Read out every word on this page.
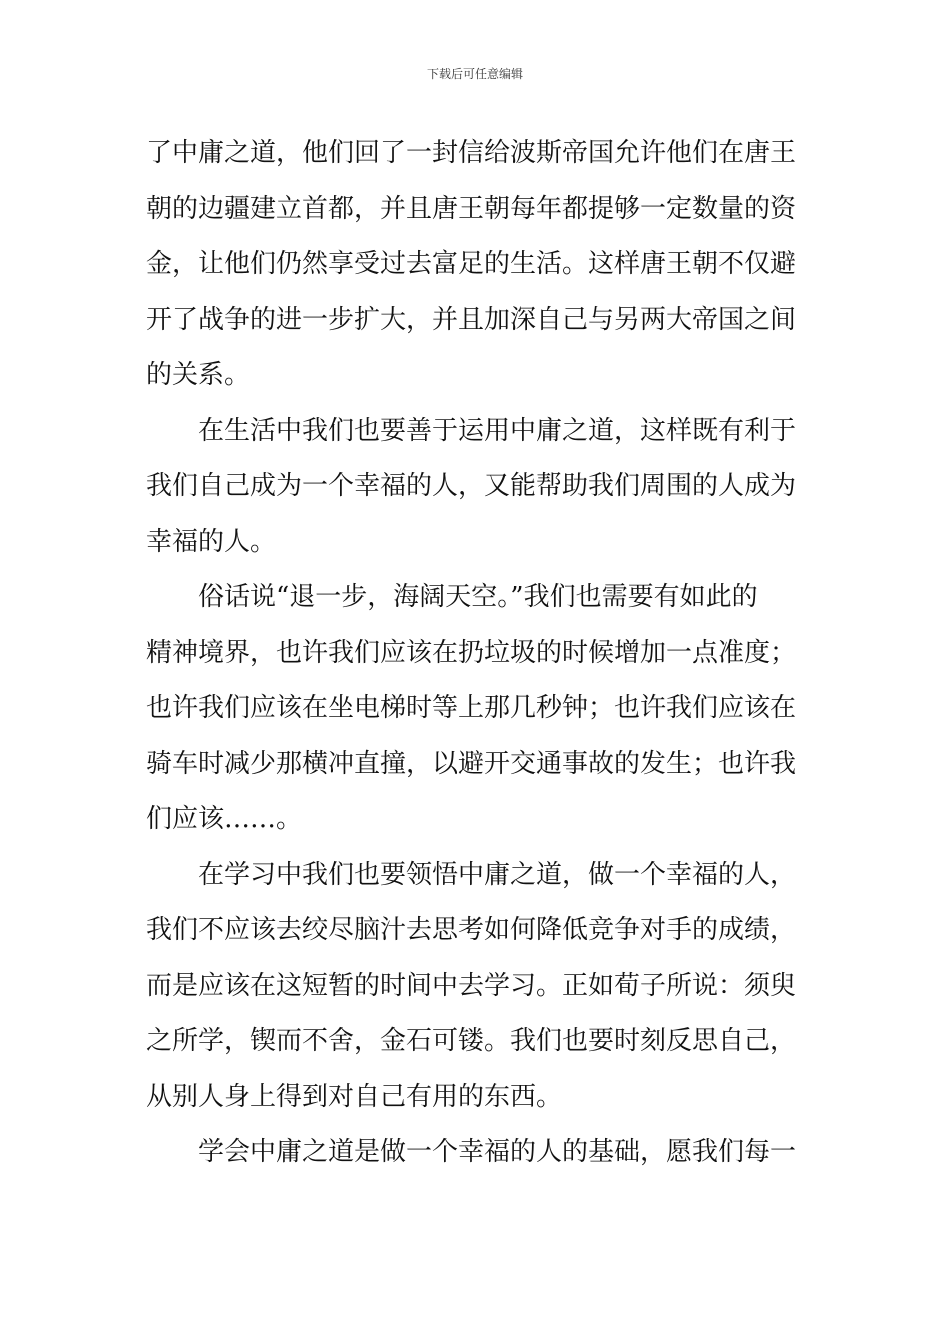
下载后可任意编辑
了中庸之道，他们回了一封信给波斯帝国允许他们在唐王
朝的边疆建立首都，并且唐王朝每年都提够一定数量的资
金，让他们仍然享受过去富足的生活。这样唐王朝不仅避
开了战争的进一步扩大，并且加深自己与另两大帝国之间
的关系。
在生活中我们也要善于运用中庸之道，这样既有利于
我们自己成为一个幸福的人，又能帮助我们周围的人成为
幸福的人。
俗话说“退一步，海阔天空。”我们也需要有如此的
精神境界，也许我们应该在扔垃圾的时候增加一点准度；
也许我们应该在坐电梯时等上那几秒钟；也许我们应该在
骑车时减少那横冲直撞，以避开交通事故的发生；也许我
们应该……。
在学习中我们也要领悟中庸之道，做一个幸福的人，
我们不应该去绞尽脑汁去思考如何降低竞争对手的成绩，
而是应该在这短暂的时间中去学习。正如荀子所说：须臾
之所学，锲而不舍，金石可镂。我们也要时刻反思自己，
从别人身上得到对自己有用的东西。
学会中庸之道是做一个幸福的人的基础，愿我们每一
